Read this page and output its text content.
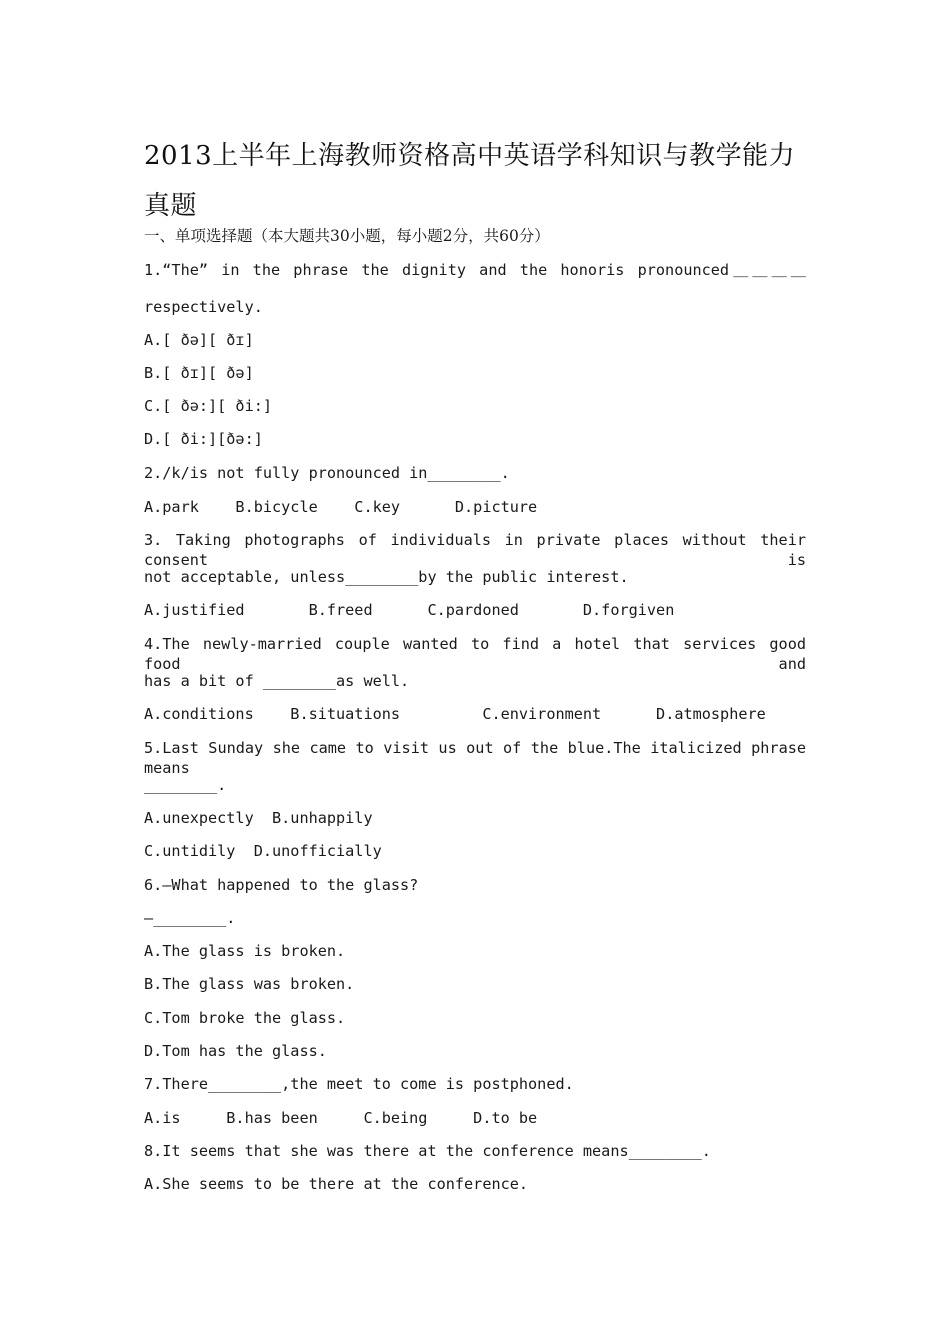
2013上半年上海教师资格高中英语学科知识与教学能力真题
一、单项选择题（本大题共30小题，每小题2分，共60分）
1.“The” in the phrase the dignity and the honoris pronounced＿＿＿＿
respectively.
A.[ ðə][ ðɪ]
B.[ ðɪ][ ðə]
C.[ ðə:][ ði:]
D.[ ði:][ðə:]
2./k/is not fully pronounced in________.
A.park    B.bicycle    C.key      D.picture
3. Taking photographs of individuals in private places without their consent is
not acceptable, unless________by the public interest.
A.justified       B.freed      C.pardoned       D.forgiven
4.The newly-married couple wanted to find a hotel that services good food and
has a bit of ________as well.
A.conditions    B.situations         C.environment      D.atmosphere
5.Last Sunday she came to visit us out of the blue.The italicized phrase means
________.
A.unexpectly  B.unhappily
C.untidily  D.unofficially
6.—What happened to the glass?
—________.
A.The glass is broken.
B.The glass was broken.
C.Tom broke the glass.
D.Tom has the glass.
7.There________,the meet to come is postphoned.
A.is     B.has been     C.being     D.to be
8.It seems that she was there at the conference means________.
A.She seems to be there at the conference.
